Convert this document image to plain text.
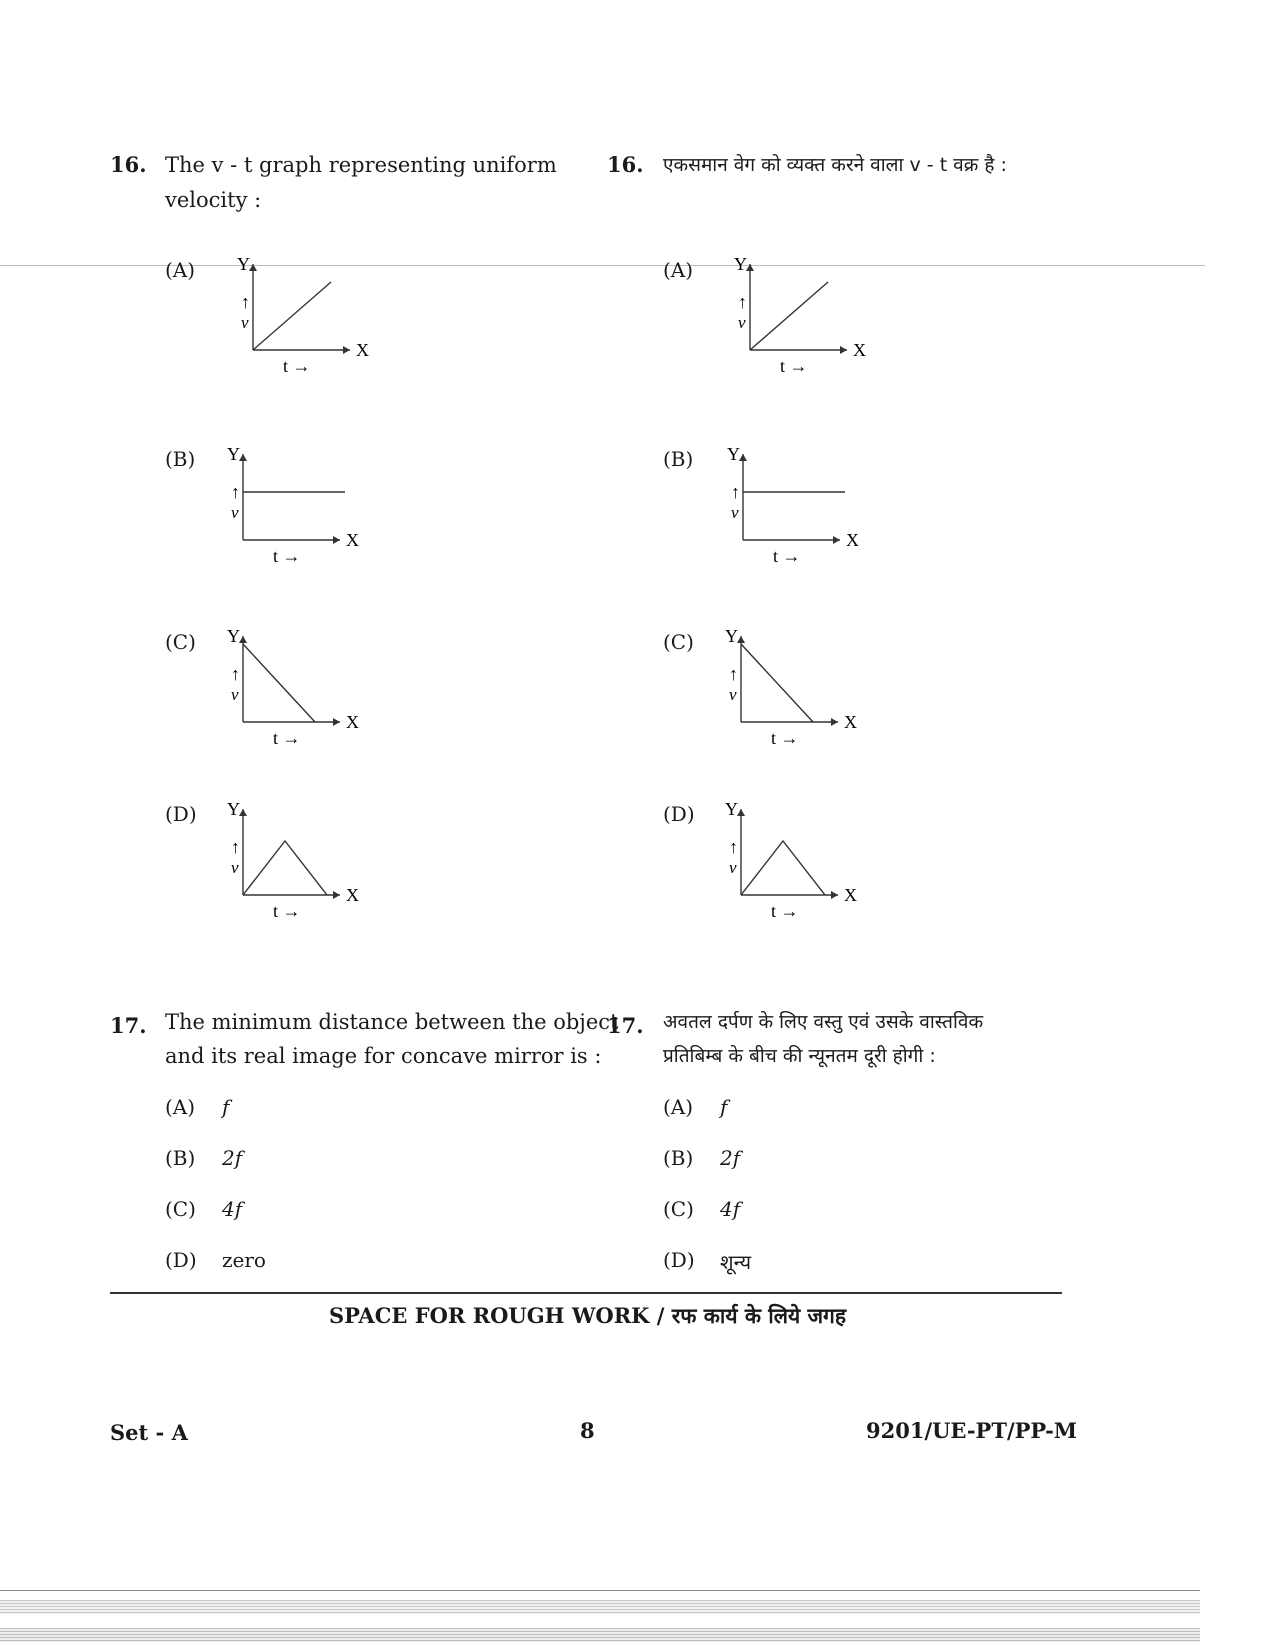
16. The v - t graph representing uniform
velocity :
16. एकसमान वेग को व्यक्त करने वाला v - t वक्र है :
(A)
(B)
(C)
(D)
(A)
(B)
(C)
(D)
Y
X
↑
v
t →
Y
X
↑
v
t →
Y
X
↑
v
t →
Y
X
↑
v
t →
Y
X
↑
v
t →
Y
X
↑
v
t →
Y
X
↑
v
t →
Y
X
↑
v
t →
17. The minimum distance between the object
and its real image for concave mirror is :
17. अवतल दर्पण के लिए वस्तु एवं उसके वास्तविक
प्रतिबिम्ब के बीच की न्यूनतम दूरी होगी :
(A) f
(B) 2f
(C) 4f
(D) zero
(A) f
(B) 2f
(C) 4f
(D) शून्य
SPACE FOR ROUGH WORK / रफ कार्य के लिये जगह
Set - A	8	9201/UE-PT/PP-M
